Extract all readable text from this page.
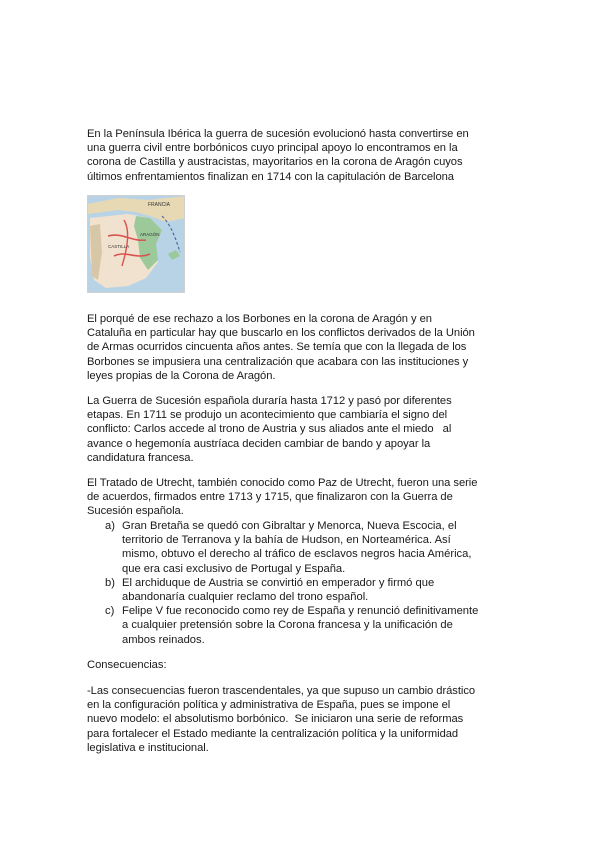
En la Península Ibérica la guerra de sucesión evolucionó hasta convertirse en
una guerra civil entre borbónicos cuyo principal apoyo lo encontramos en la
corona de Castilla y austracistas, mayoritarios en la corona de Aragón cuyos
últimos enfrentamientos finalizan en 1714 con la capitulación de Barcelona

FRANCIA
CASTILLA
ARAGÓN

El porqué de ese rechazo a los Borbones en la corona de Aragón y en
Cataluña en particular hay que buscarlo en los conflictos derivados de la Unión
de Armas ocurridos cincuenta años antes. Se temía que con la llegada de los
Borbones se impusiera una centralización que acabara con las instituciones y
leyes propias de la Corona de Aragón.

La Guerra de Sucesión española duraría hasta 1712 y pasó por diferentes
etapas. En 1711 se produjo un acontecimiento que cambiaría el signo del
conflicto: Carlos accede al trono de Austria y sus aliados ante el miedo   al
avance o hegemonía austríaca deciden cambiar de bando y apoyar la
candidatura francesa.

El Tratado de Utrecht, también conocido como Paz de Utrecht, fueron una serie
de acuerdos, firmados entre 1713 y 1715, que finalizaron con la Guerra de
Sucesión española.

a) Gran Bretaña se quedó con Gibraltar y Menorca, Nueva Escocia, el
territorio de Terranova y la bahía de Hudson, en Norteamérica. Así
mismo, obtuvo el derecho al tráfico de esclavos negros hacia América,
que era casi exclusivo de Portugal y España.
b) El archiduque de Austria se convirtió en emperador y firmó que
abandonaría cualquier reclamo del trono español.
c) Felipe V fue reconocido como rey de España y renunció definitivamente
a cualquier pretensión sobre la Corona francesa y la unificación de
ambos reinados.
Consecuencias:

-Las consecuencias fueron trascendentales, ya que supuso un cambio drástico
en la configuración política y administrativa de España, pues se impone el
nuevo modelo: el absolutismo borbónico.  Se iniciaron una serie de reformas
para fortalecer el Estado mediante la centralización política y la uniformidad
legislativa e institucional.
